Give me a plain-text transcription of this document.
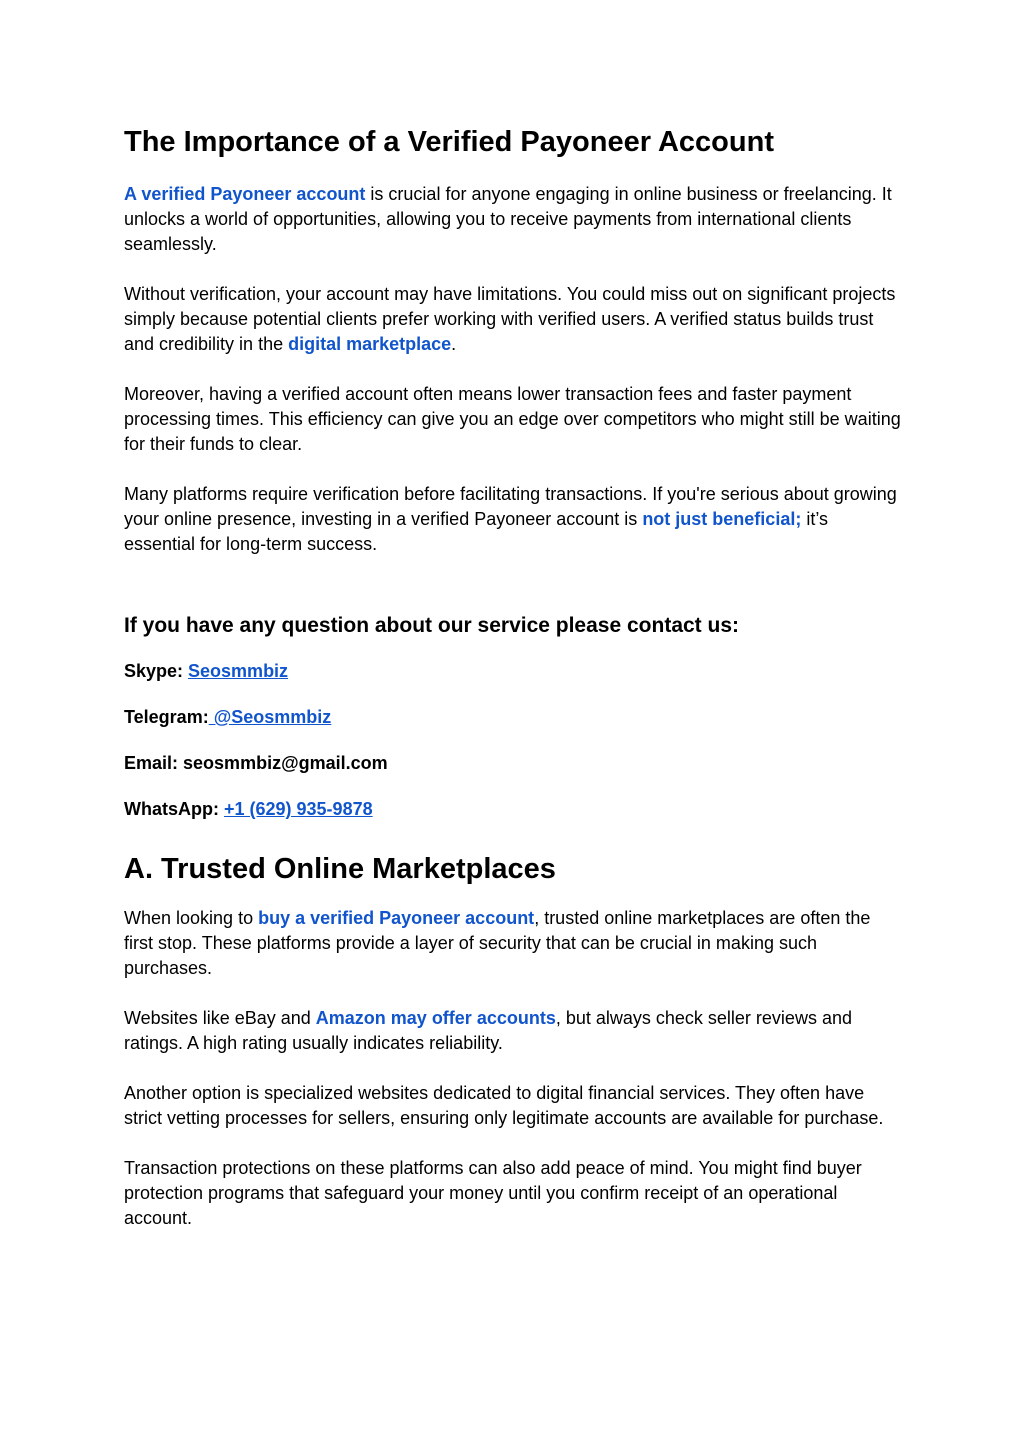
The Importance of a Verified Payoneer Account

A verified Payoneer account is crucial for anyone engaging in online business or freelancing. It unlocks a world of opportunities, allowing you to receive payments from international clients seamlessly.

Without verification, your account may have limitations. You could miss out on significant projects simply because potential clients prefer working with verified users. A verified status builds trust and credibility in the digital marketplace.

Moreover, having a verified account often means lower transaction fees and faster payment processing times. This efficiency can give you an edge over competitors who might still be waiting for their funds to clear.

Many platforms require verification before facilitating transactions. If you're serious about growing your online presence, investing in a verified Payoneer account is not just beneficial; it’s essential for long-term success.

If you have any question about our service please contact us:
Skype: Seosmmbiz
Telegram: @Seosmmbiz
Email: seosmmbiz@gmail.com
WhatsApp: +1 (629) 935-9878
A. Trusted Online Marketplaces

When looking to buy a verified Payoneer account, trusted online marketplaces are often the first stop. These platforms provide a layer of security that can be crucial in making such purchases.

Websites like eBay and Amazon may offer accounts, but always check seller reviews and ratings. A high rating usually indicates reliability.

Another option is specialized websites dedicated to digital financial services. They often have strict vetting processes for sellers, ensuring only legitimate accounts are available for purchase.

Transaction protections on these platforms can also add peace of mind. You might find buyer protection programs that safeguard your money until you confirm receipt of an operational account.
